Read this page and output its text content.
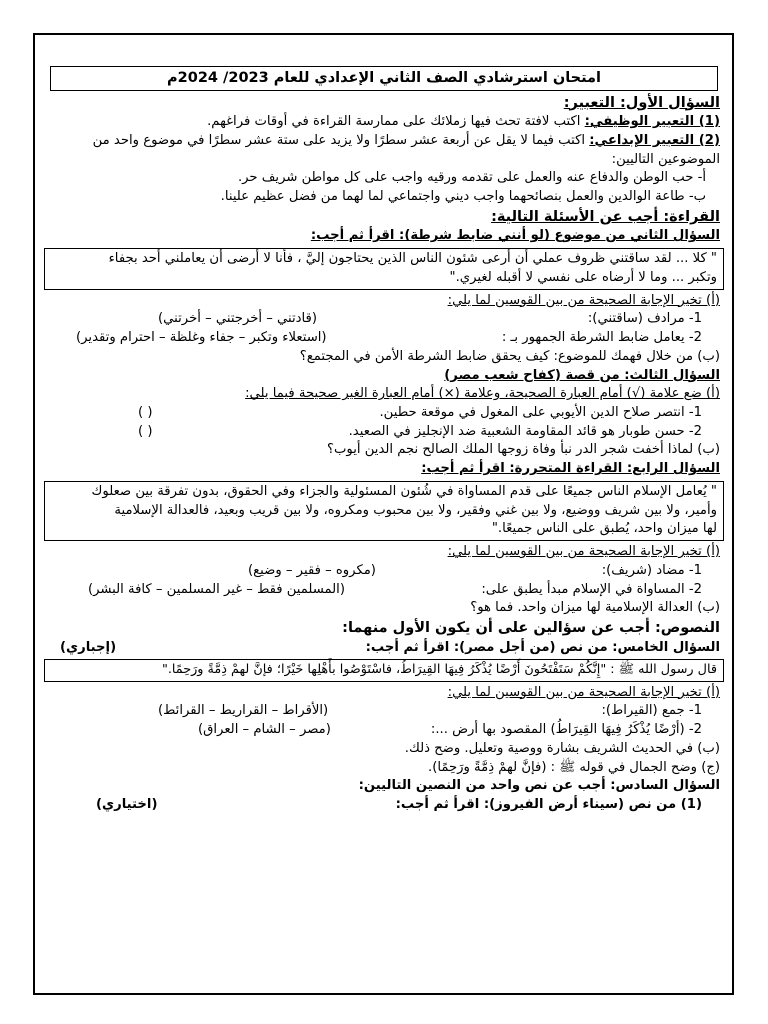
امتحان استرشادي الصف الثاني الإعدادي للعام 2023/ 2024م

السؤال الأول: التعبير:

(1) التعبير الوظيفي: اكتب لافتة تحث فيها زملائك على ممارسة القراءة في أوقات فراغهم.

(2) التعبير الإبداعي: اكتب فيما لا يقل عن أربعة عشر سطرًا ولا يزيد على ستة عشر سطرًا في موضوع واحد من

الموضوعين التاليين:

أ- حب الوطن والدفاع عنه والعمل على تقدمه ورقيه واجب على كل مواطن شريف حر.

ب- طاعة الوالدين والعمل بنصائحهما واجب ديني واجتماعي لما لهما من فضل عظيم علينا.

القراءة: أجب عن الأسئلة التالية:

السؤال الثاني من موضوع (لو أنني ضابط شرطة): اقرأ ثم أجب:

" كلا ... لقد ساقتني ظروف عملي أن أرعى شئون الناس الذين يحتاجون إليَّ ، فأنا لا أرضى أن يعاملني أحد بجفاء
وتكبر ... وما لا أرضاه على نفسي لا أقبله لغيري."

(أ) تخير الإجابة الصحيحة من بين القوسين لما يلي:

1- مرادف (ساقتني):
(قادتني – أخرجتني – أخرتني)
2- يعامل ضابط الشرطة الجمهور بـ :
(استعلاء وتكبر – جفاء وغلظة – احترام وتقدير)

(ب) من خلال فهمك للموضوع: كيف يحقق ضابط الشرطة الأمن في المجتمع؟

السؤال الثالث: من قصة (كفاح شعب مصر)

(أ) ضع علامة (√) أمام العبارة الصحيحة، وعلامة (×) أمام العبارة الغير صحيحة فيما يلي:

1- انتصر صلاح الدين الأيوبي على المغول في موقعة حطين.
( )
2- حسن طوبار هو قائد المقاومة الشعبية ضد الإنجليز في الصعيد.
( )

(ب) لماذا أخفت شجر الدر نبأ وفاة زوجها الملك الصالح نجم الدين أيوب؟

السؤال الرابع: القراءة المتحررة: اقرأ ثم أجب:

" يُعامل الإسلام الناس جميعًا على قدم المساواة في شُئون المسئولية والجزاء وفي الحقوق، بدون تفرقة بين صعلوك
وأمير، ولا بين شريف ووضيع، ولا بين غني وفقير، ولا بين محبوب ومكروه، ولا بين قريب وبعيد، فالعدالة الإسلامية
لها ميزان واحد، يُطبق على الناس جميعًا."

(أ) تخير الإجابة الصحيحة من بين القوسين لما يلي:

1- مضاد (شريف):
(مكروه – فقير – وضيع)
2- المساواة في الإسلام مبدأ يطبق على:
(المسلمين فقط – غير المسلمين – كافة البشر)

(ب) العدالة الإسلامية لها ميزان واحد. فما هو؟

النصوص: أجب عن سؤالين على أن يكون الأول منهما:

السؤال الخامس: من نص (من أجل مصر): اقرأ ثم أجب:
(إجباري)
قال رسول الله ﷺ : "إِنَّكُمْ سَتَفْتَحُونَ أَرْضًا يُذْكَرُ فِيهَا القِيرَاطُ، فاسْتَوْصُوا بأَهْلِها خَيْرًا؛ فإنَّ لهمْ ذِمَّةً ورَحِمًا."

(أ) تخير الإجابة الصحيحة من بين القوسين لما يلي:

1- جمع (القيراط):
(الأقراط – القراريط – القرائط)
2- (أرْضًا يُذْكَرُ فِيهَا القِيرَاطُ) المقصود بها أرض ...:
(مصر – الشام – العراق)

(ب) في الحديث الشريف بشارة ووصية وتعليل. وضح ذلك.

(ج) وضح الجمال في قوله ﷺ : (فإنَّ لهمْ ذِمَّةً ورَحِمًا).

السؤال السادس: أجب عن نص واحد من النصين التاليين:

(1) من نص (سيناء أرض الفيروز): اقرأ ثم أجب:
(اختياري)
